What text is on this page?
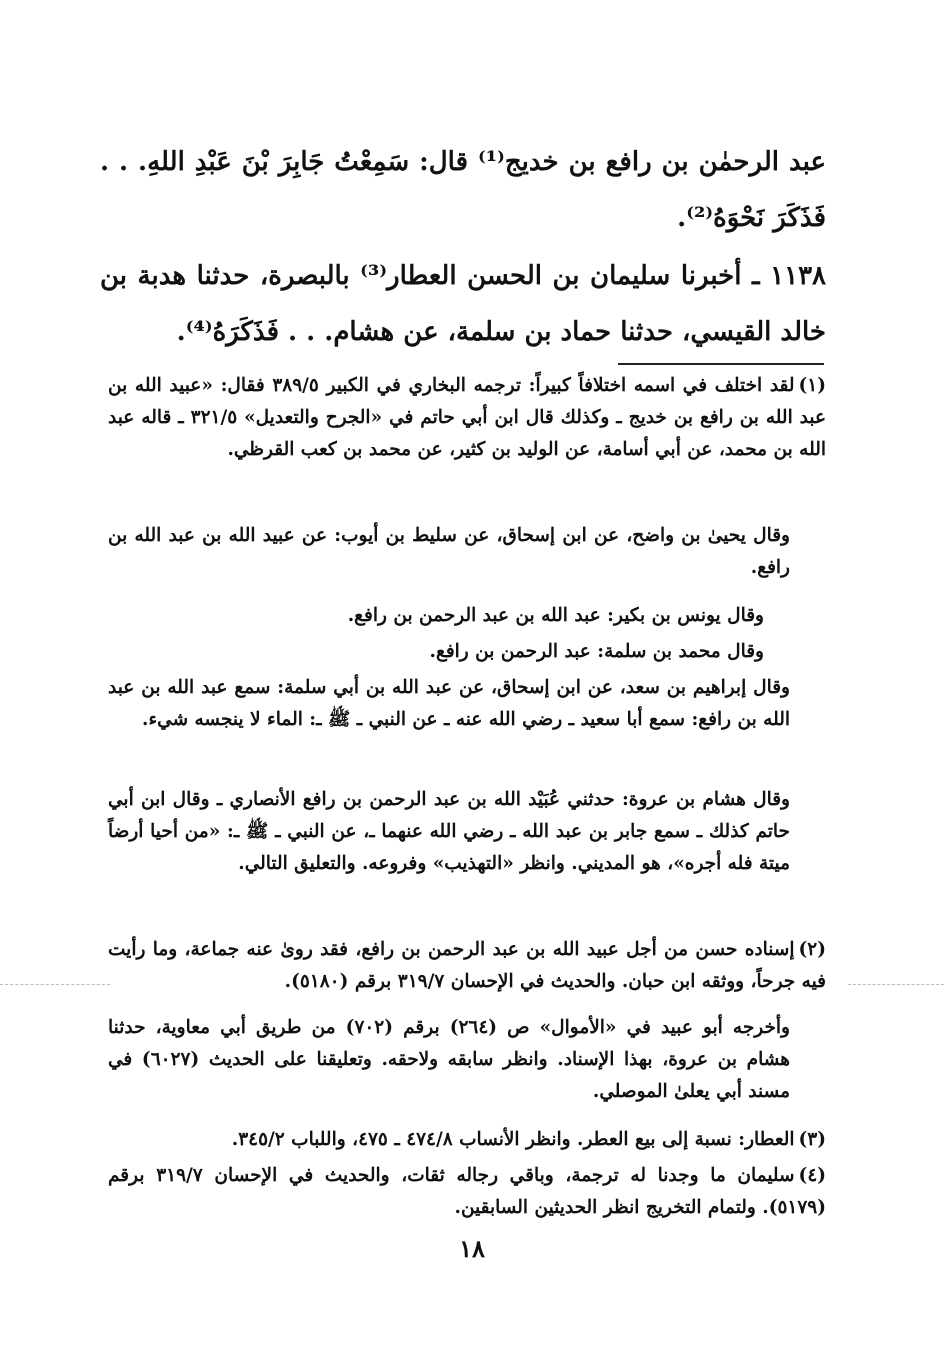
عبد الرحمٰن بن رافع بن خديج⁽¹⁾ قال: سَمِعْتُ جَابِرَ بْنَ عَبْدِ اللهِ. . . فَذَكَرَ نَحْوَهُ⁽²⁾.

١١٣٨ ـ أخبرنا سليمان بن الحسن العطار⁽³⁾ بالبصرة، حدثنا هدبة بن خالد القيسي، حدثنا حماد بن سلمة، عن هشام. . . فَذَكَرَهُ⁽⁴⁾.

(١)لقد اختلف في اسمه اختلافاً كبيراً: ترجمه البخاري في الكبير ٣٨٩/٥ فقال: «عبيد الله بن عبد الله بن رافع بن خديج ـ وكذلك قال ابن أبي حاتم في «الجرح والتعديل» ٣٢١/٥ ـ قاله عبد الله بن محمد، عن أبي أسامة، عن الوليد بن كثير، عن محمد بن كعب القرظي.

وقال يحيىٰ بن واضح، عن ابن إسحاق، عن سليط بن أيوب: عن عبيد الله بن عبد الله بن رافع.

وقال يونس بن بكير: عبد الله بن عبد الرحمن بن رافع.

وقال محمد بن سلمة: عبد الرحمن بن رافع.

وقال إبراهيم بن سعد، عن ابن إسحاق، عن عبد الله بن أبي سلمة: سمع عبد الله بن عبد الله بن رافع: سمع أبا سعيد ـ رضي الله عنه ـ عن النبي ـ ﷺ ـ: الماء لا ينجسه شيء.

وقال هشام بن عروة: حدثني عُبَيْد الله بن عبد الرحمن بن رافع الأنصاري ـ وقال ابن أبي حاتم كذلك ـ سمع جابر بن عبد الله ـ رضي الله عنهما ـ، عن النبي ـ ﷺ ـ: «من أحيا أرضاً ميتة فله أجره»، هو المديني. وانظر «التهذيب» وفروعه. والتعليق التالي.

(٢)إسناده حسن من أجل عبيد الله بن عبد الرحمن بن رافع، فقد روىٰ عنه جماعة، وما رأيت فيه جرحاً، ووثقه ابن حبان. والحديث في الإحسان ٣١٩/٧ برقم (٥١٨٠).

وأخرجه أبو عبيد في «الأموال» ص (٢٦٤) برقم (٧٠٢) من طريق أبي معاوية، حدثنا هشام بن عروة، بهذا الإسناد. وانظر سابقه ولاحقه. وتعليقنا على الحديث (٦٠٢٧) في مسند أبي يعلىٰ الموصلي.

(٣)العطار: نسبة إلى بيع العطر. وانظر الأنساب ٤٧٤/٨ ـ ٤٧٥، واللباب ٣٤٥/٢.

(٤)سليمان ما وجدنا له ترجمة، وباقي رجاله ثقات، والحديث في الإحسان ٣١٩/٧ برقم (٥١٧٩). ولتمام التخريج انظر الحديثين السابقين.

١٨
